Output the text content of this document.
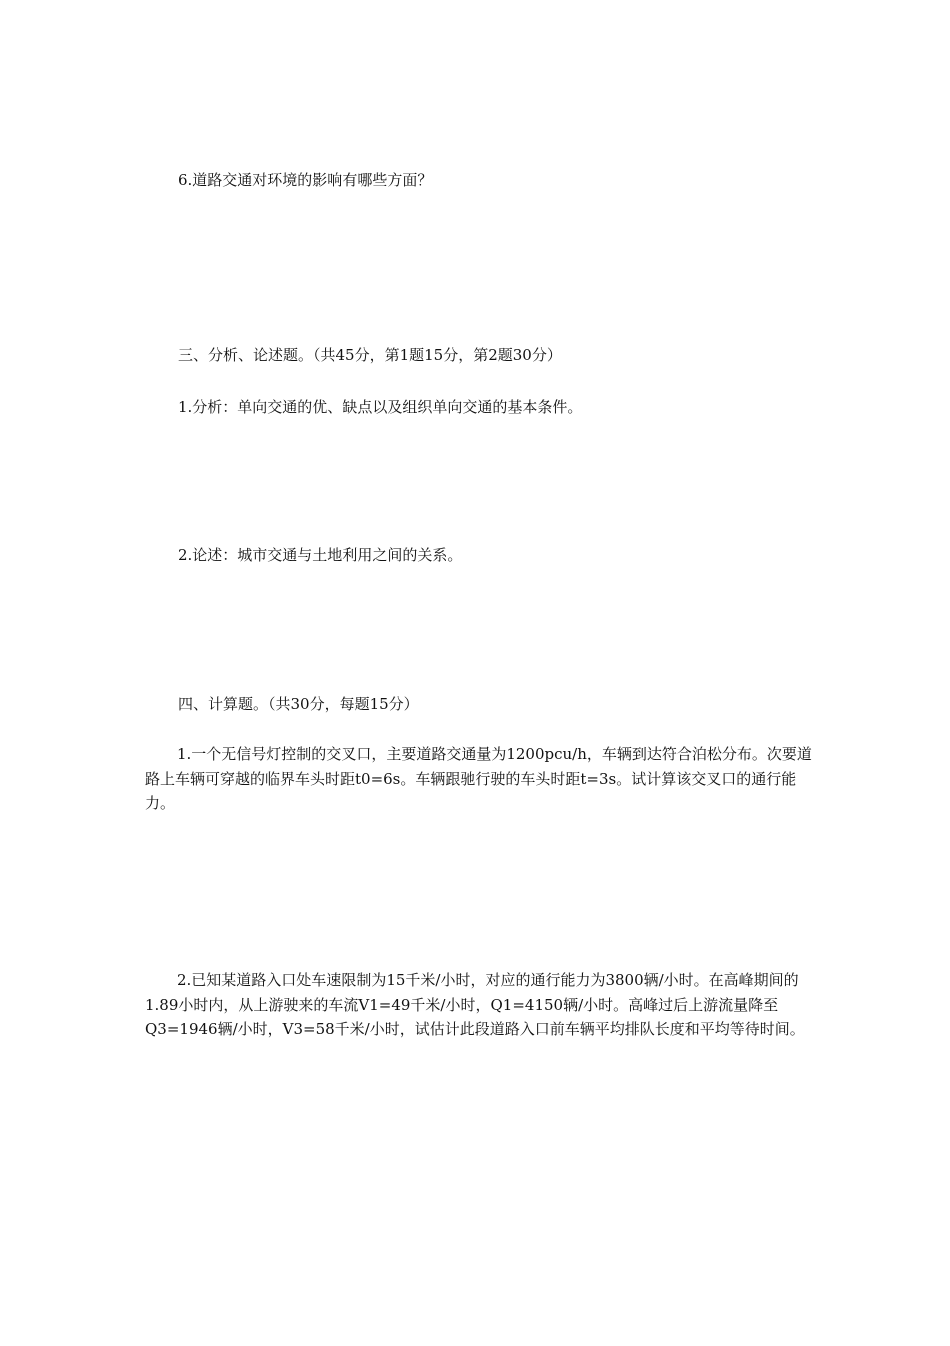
6.道路交通对环境的影响有哪些方面？
三、分析、论述题。（共45分，第1题15分，第2题30分）
1.分析：单向交通的优、缺点以及组织单向交通的基本条件。
2.论述：城市交通与土地利用之间的关系。
四、计算题。（共30分，每题15分）
1.一个无信号灯控制的交叉口，主要道路交通量为1200pcu/h，车辆到达符合泊松分布。次要道路上车辆可穿越的临界车头时距t0=6s。车辆跟驰行驶的车头时距t=3s。试计算该交叉口的通行能力。
2.已知某道路入口处车速限制为15千米/小时，对应的通行能力为3800辆/小时。在高峰期间的1.89小时内，从上游驶来的车流V1=49千米/小时，Q1=4150辆/小时。高峰过后上游流量降至Q3=1946辆/小时，V3=58千米/小时，试估计此段道路入口前车辆平均排队长度和平均等待时间。
